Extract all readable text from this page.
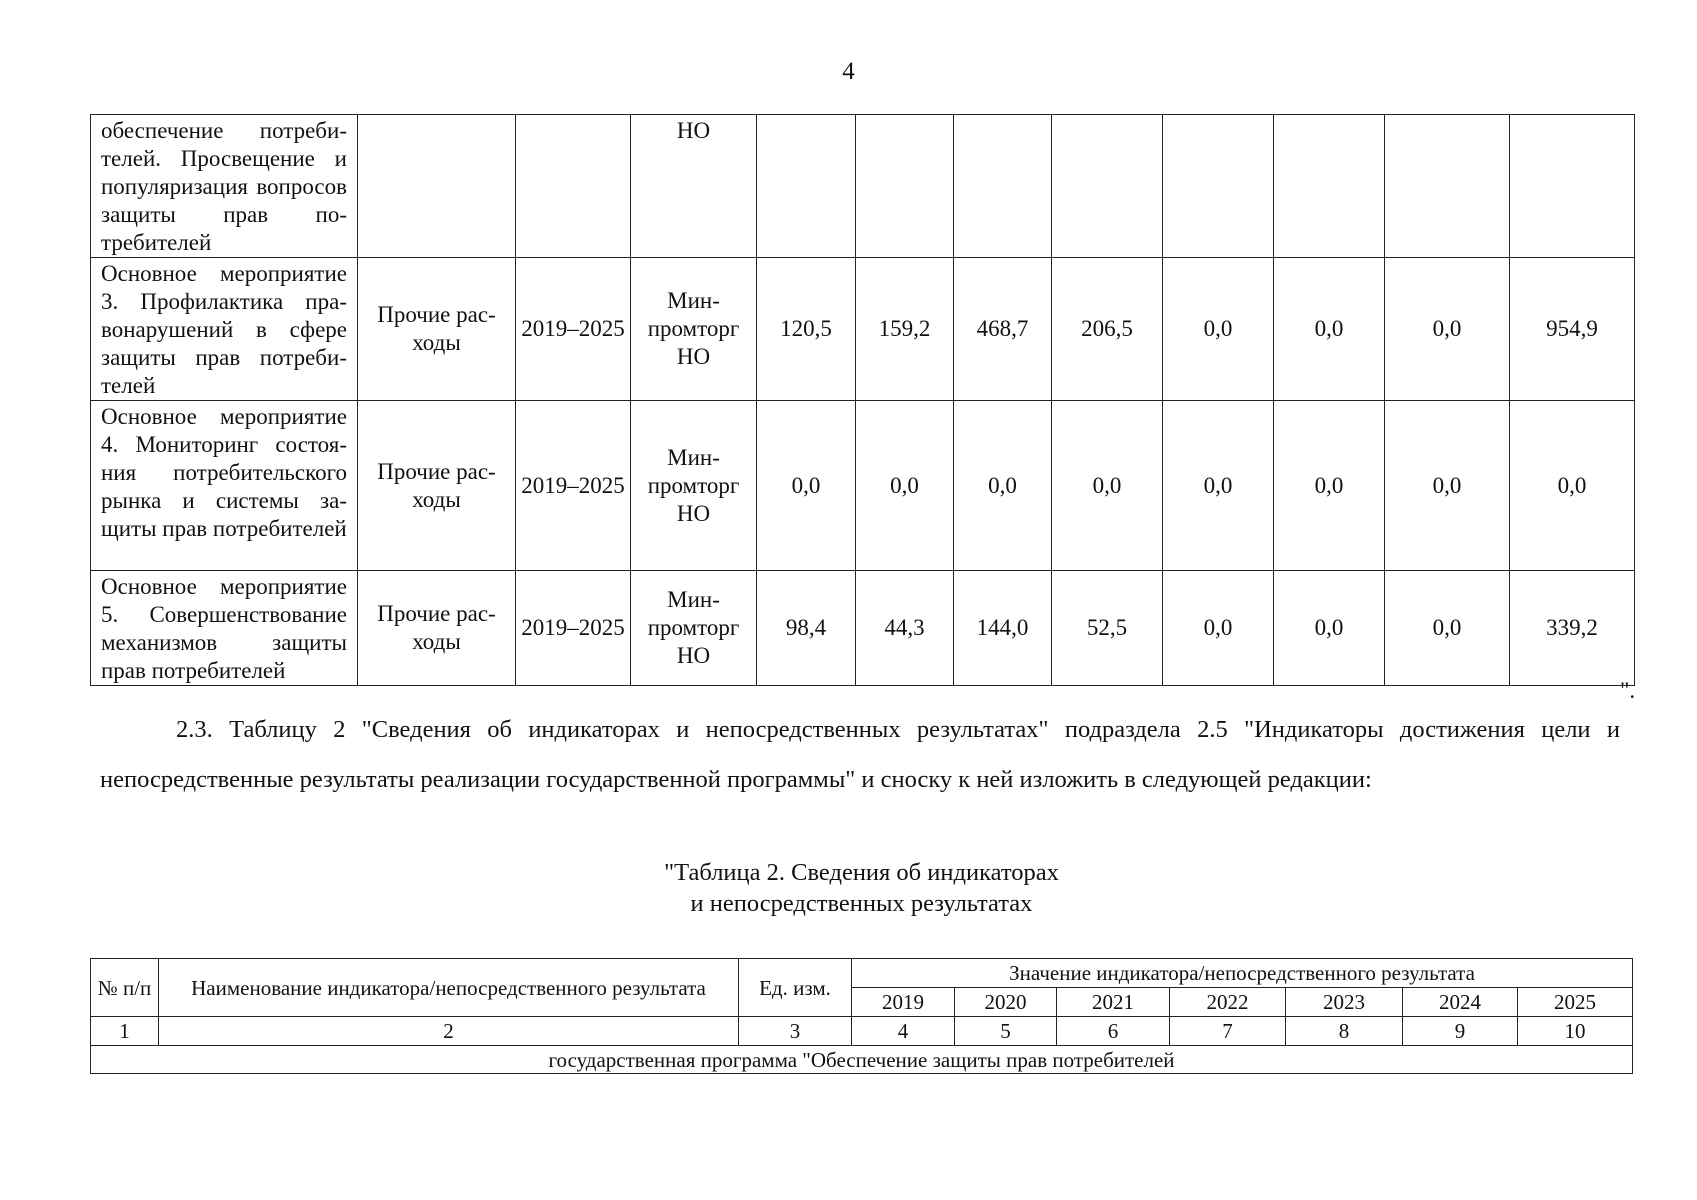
4
обеспечение потребителей. Просвещение и популяризация вопросов защиты прав потребителей			НО								
Основное мероприятие 3. Профилактика правонарушений в сфере защиты прав потребителей	Прочие расходы	2019–2025	Минпромторг НО	120,5	159,2	468,7	206,5	0,0	0,0	0,0	954,9
Основное мероприятие 4. Мониторинг состояния потребительского рынка и системы защиты прав потребителей	Прочие расходы	2019–2025	Минпромторг НО	0,0	0,0	0,0	0,0	0,0	0,0	0,0	0,0
Основное мероприятие 5. Совершенствование механизмов защиты прав потребителей	Прочие расходы	2019–2025	Минпромторг НО	98,4	44,3	144,0	52,5	0,0	0,0	0,0	339,2
".
2.3. Таблицу 2 "Сведения об индикаторах и непосредственных результатах" подраздела 2.5 "Индикаторы достижения цели и непосредственные результаты реализации государственной программы" и сноску к ней изложить в следующей редакции:
"Таблица 2. Сведения об индикаторах
и непосредственных результатах
№ п/п	Наименование индикатора/непосредственного результата	Ед. изм.	Значение индикатора/непосредственного результата						
			2019	2020	2021	2022	2023	2024	2025
1	2	3	4	5	6	7	8	9	10
государственная программа "Обеспечение защиты прав потребителей									
